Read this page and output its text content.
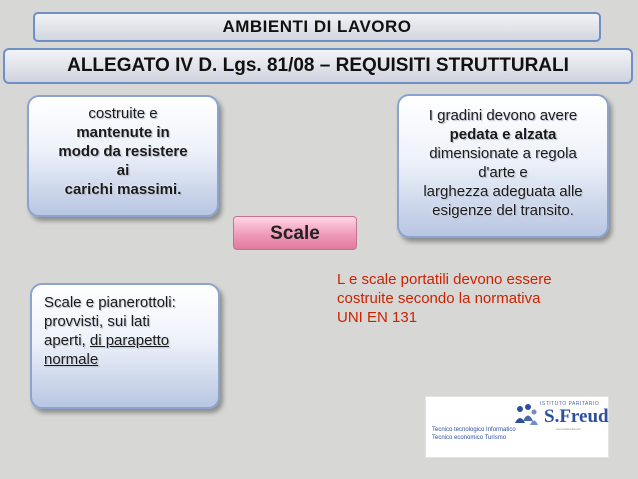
AMBIENTI DI LAVORO
ALLEGATO IV D. Lgs. 81/08 – REQUISITI STRUTTURALI
costruite e
mantenute in
modo da resistere
ai
carichi massimi.
I gradini devono avere
pedata e alzata
dimensionate a regola
d'arte e
larghezza adeguata alle
esigenze del transito.
Scale
Scale e pianerottoli:
provvisti, sui lati
aperti, di parapetto
normale
L e scale portatili devono essere
costruite secondo la normativa
UNI EN 131
ISTITUTO PARITARIO
S.Freud
Tecnico tecnologico Informatico
Tecnico economico Turismo
www.istitutofreud.it
